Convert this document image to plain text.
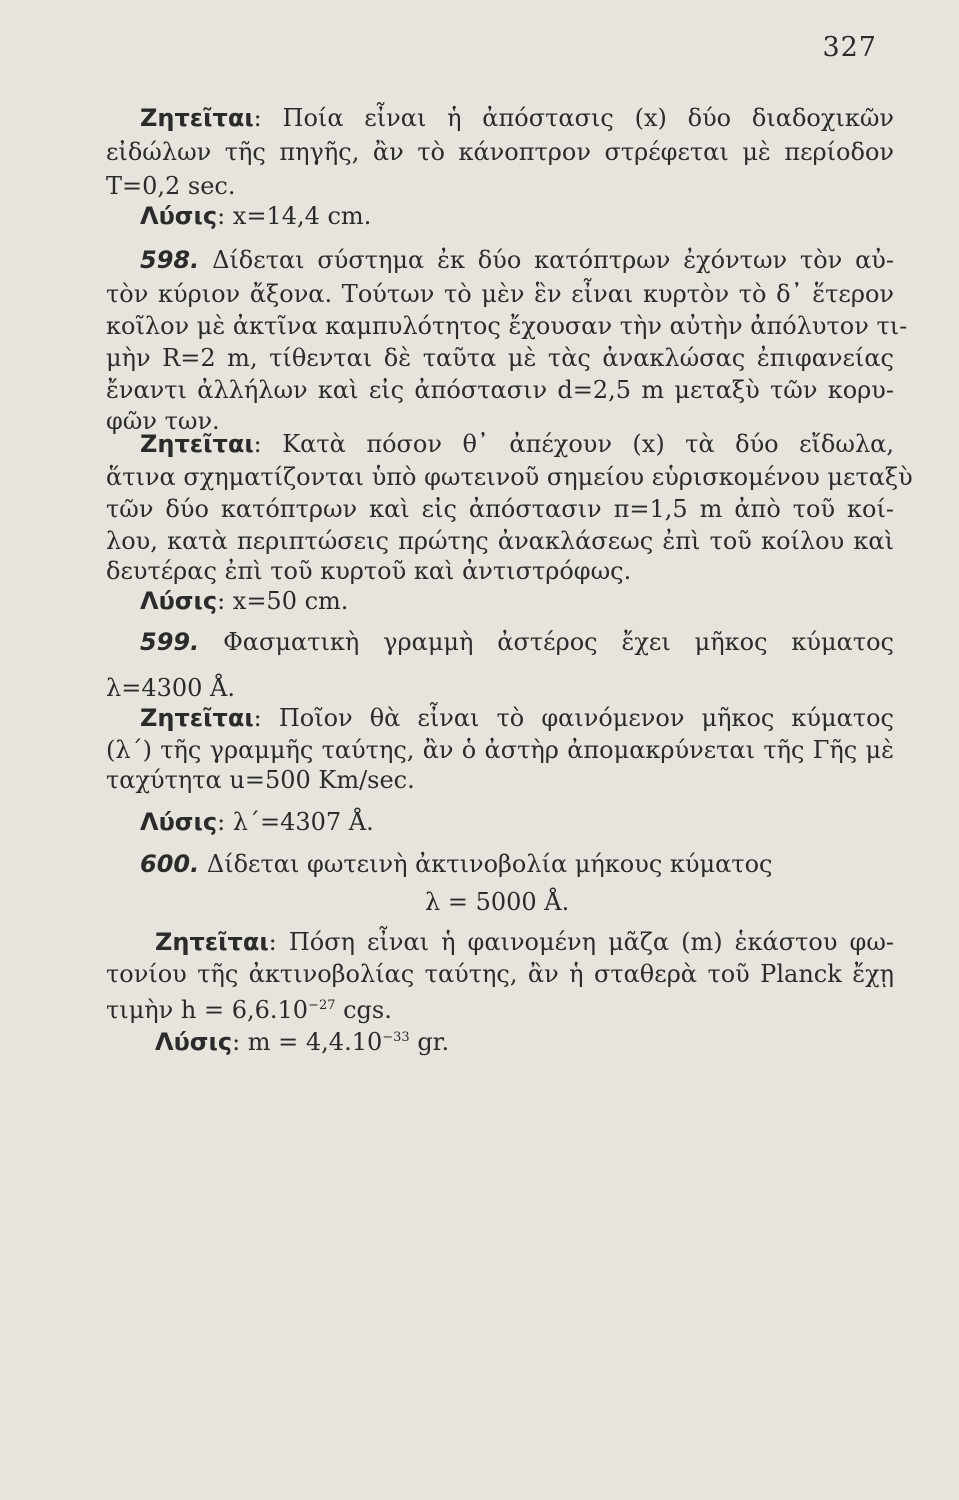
327
Ζητεῖται: Ποία εἶναι ἡ ἀπόστασις (x) δύο διαδοχικῶν
εἰδώλων τῆς πηγῆς, ἂν τὸ κάνοπτρον στρέφεται μὲ περίοδον
T=0,2 sec.
Λύσις: x=14,4 cm.
598. Δίδεται σύστημα ἐκ δύο κατόπτρων ἐχόντων τὸν αὐ-
τὸν κύριον ἄξονα. Τούτων τὸ μὲν ἓν εἶναι κυρτὸν τὸ δ᾽ ἕτερον
κοῖλον μὲ ἀκτῖνα καμπυλότητος ἔχουσαν τὴν αὐτὴν ἀπόλυτον τι-
μὴν R=2 m, τίθενται δὲ ταῦτα μὲ τὰς ἀνακλώσας ἐπιφανείας
ἔναντι ἀλλήλων καὶ εἰς ἀπόστασιν d=2,5 m μεταξὺ τῶν κορυ-
φῶν των.
Ζητεῖται: Κατὰ πόσον θ᾽ ἀπέχουν (x) τὰ δύο εἴδωλα,
ἅτινα σχηματίζονται ὑπὸ φωτεινοῦ σημείου εὑρισκομένου μεταξὺ
τῶν δύο κατόπτρων καὶ εἰς ἀπόστασιν π=1,5 m ἀπὸ τοῦ κοί-
λου, κατὰ περιπτώσεις πρώτης ἀνακλάσεως ἐπὶ τοῦ κοίλου καὶ
δευτέρας ἐπὶ τοῦ κυρτοῦ καὶ ἀντιστρόφως.
Λύσις: x=50 cm.
599. Φασματικὴ γραμμὴ ἀστέρος ἔχει μῆκος κύματος
λ=4300 Å.
Ζητεῖται: Ποῖον θὰ εἶναι τὸ φαινόμενον μῆκος κύματος
(λ΄) τῆς γραμμῆς ταύτης, ἂν ὁ ἀστὴρ ἀπομακρύνεται τῆς Γῆς μὲ
ταχύτητα u=500 Km/sec.
Λύσις: λ΄=4307 Å.
600. Δίδεται φωτεινὴ ἀκτινοβολία μήκους κύματος
λ = 5000 Å.
Ζητεῖται: Πόση εἶναι ἡ φαινομένη μᾶζα (m) ἑκάστου φω-
τονίου τῆς ἀκτινοβολίας ταύτης, ἂν ἡ σταθερὰ τοῦ Planck ἔχῃ
τιμὴν $h = 6,6.10^{-27}$ cgs.
Λύσις: $m = 4,4.10^{-33}$ gr.
